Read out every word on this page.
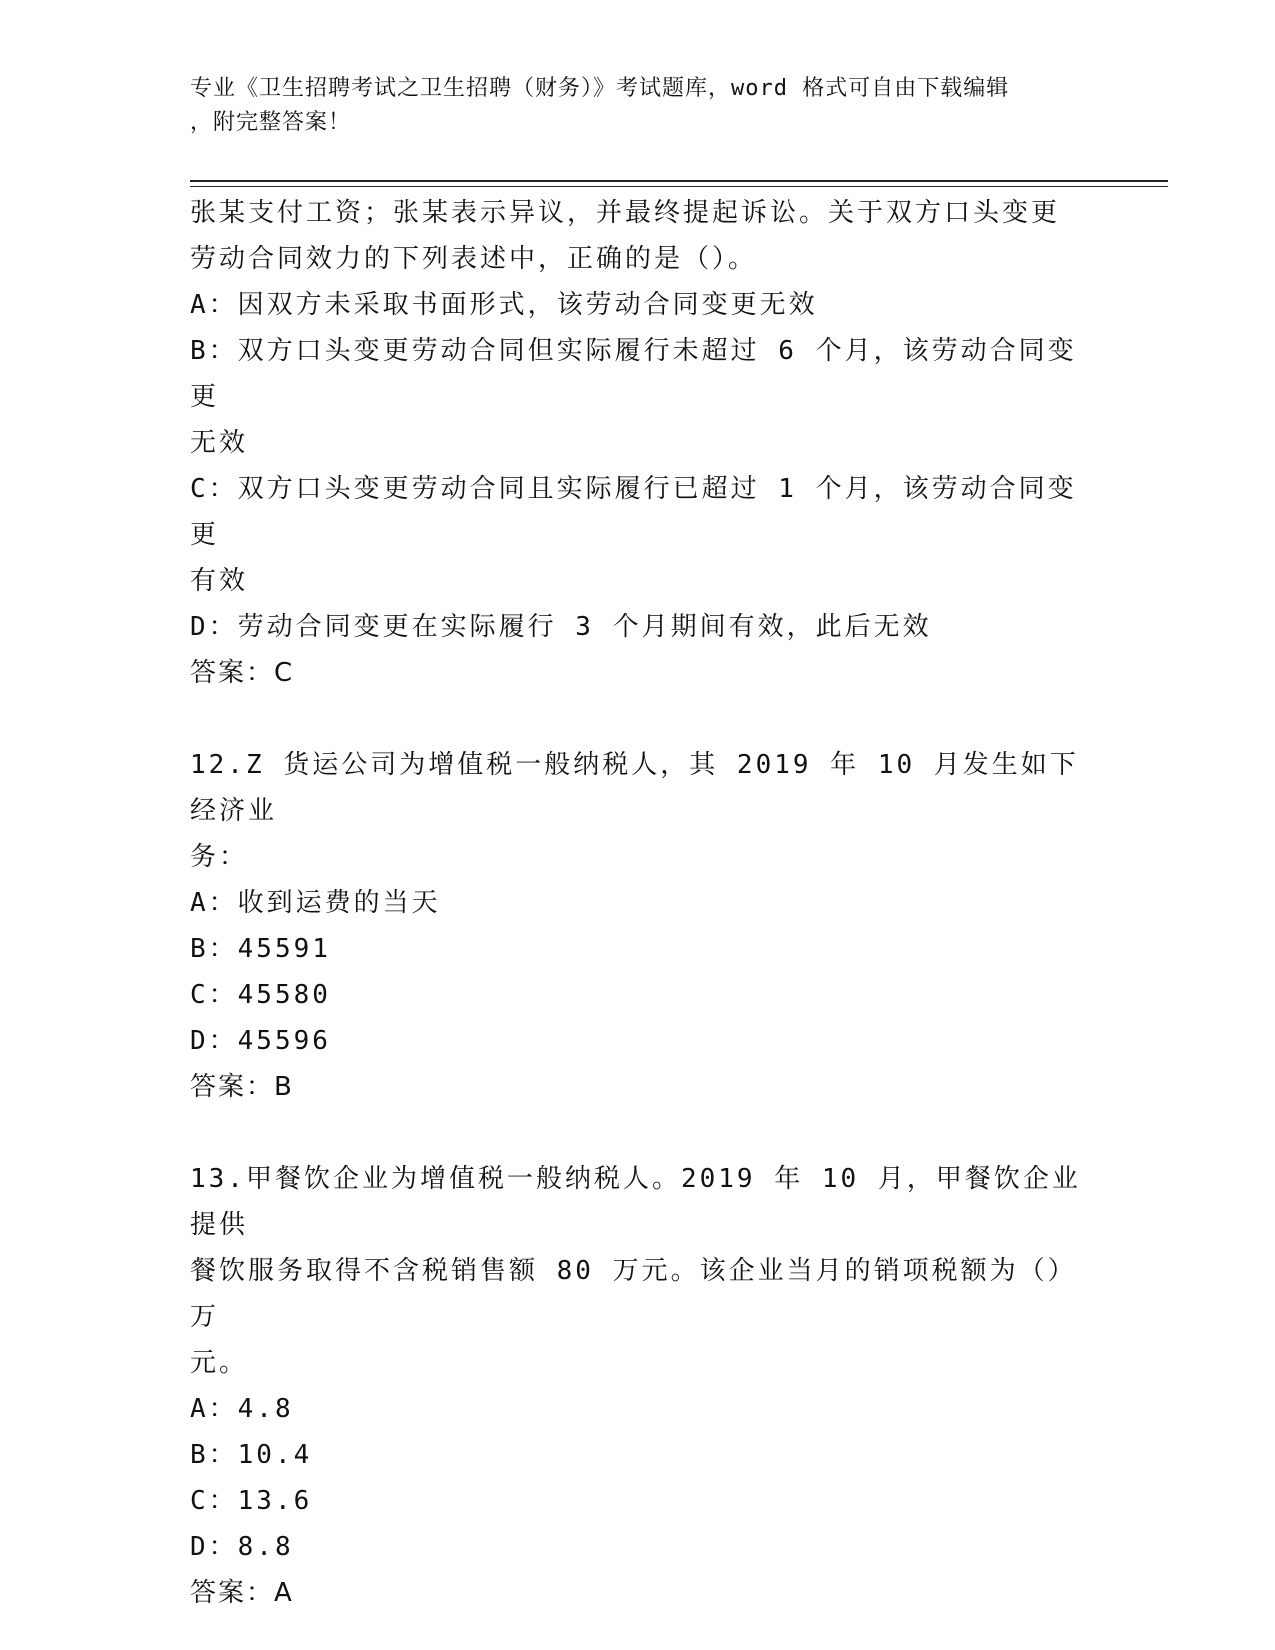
专业《卫生招聘考试之卫生招聘（财务）》考试题库，word 格式可自由下载编辑
，附完整答案！
张某支付工资；张某表示异议，并最终提起诉讼。关于双方口头变更
劳动合同效力的下列表述中，正确的是（）。
A：因双方未采取书面形式，该劳动合同变更无效
B：双方口头变更劳动合同但实际履行未超过 6 个月，该劳动合同变更
无效
C：双方口头变更劳动合同且实际履行已超过 1 个月，该劳动合同变更
有效
D：劳动合同变更在实际履行 3 个月期间有效，此后无效
答案：C
12.Z 货运公司为增值税一般纳税人，其 2019 年 10 月发生如下经济业
务：
A：收到运费的当天
B：45591
C：45580
D：45596
答案：B
13.甲餐饮企业为增值税一般纳税人。2019 年 10 月，甲餐饮企业提供
餐饮服务取得不含税销售额 80 万元。该企业当月的销项税额为（）万
元。
A：4.8
B：10.4
C：13.6
D：8.8
答案：A
